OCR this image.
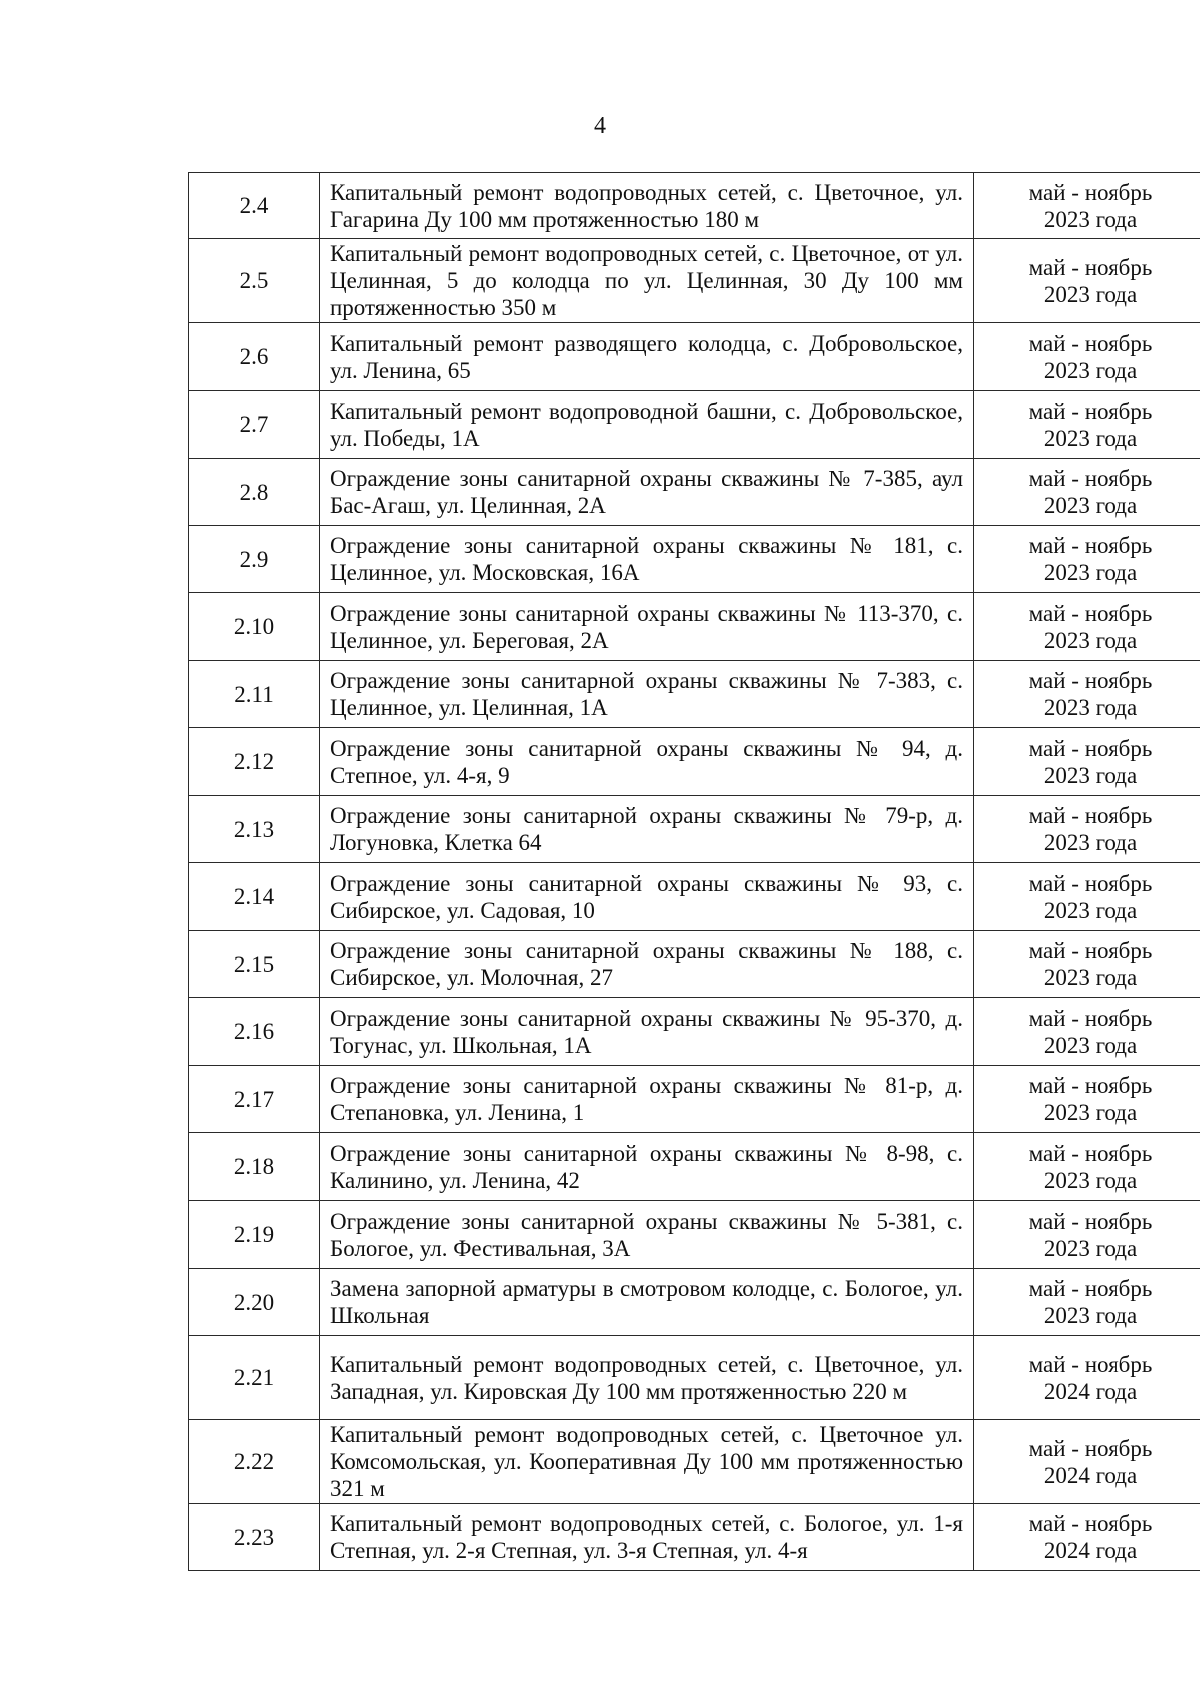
4
2.4	Капитальный ремонт водопроводных сетей, с. Цветочное, ул. Гагарина Ду 100 мм протяженностью 180 м	май - ноябрь
2023 года

2.5	Капитальный ремонт водопроводных сетей, с. Цветочное, от ул. Целинная, 5 до колодца по ул. Целинная, 30 Ду 100 мм протяженностью 350 м	май - ноябрь
2023 года

2.6	Капитальный ремонт разводящего колодца, с. Добровольское, ул. Ленина, 65	май - ноябрь
2023 года

2.7	Капитальный ремонт водопроводной башни, с. Добровольское, ул. Победы, 1А	май - ноябрь
2023 года

2.8	Ограждение зоны санитарной охраны скважины № 7-385, аул Бас-Агаш, ул. Целинная, 2А	май - ноябрь
2023 года

2.9	Ограждение зоны санитарной охраны скважины № 181, с. Целинное, ул. Московская, 16А	май - ноябрь
2023 года

2.10	Ограждение зоны санитарной охраны скважины № 113-370, с. Целинное, ул. Береговая, 2А	май - ноябрь
2023 года

2.11	Ограждение зоны санитарной охраны скважины № 7-383, с. Целинное, ул. Целинная, 1А	май - ноябрь
2023 года

2.12	Ограждение зоны санитарной охраны скважины № 94, д. Степное, ул. 4-я, 9	май - ноябрь
2023 года

2.13	Ограждение зоны санитарной охраны скважины № 79-р, д. Логуновка, Клетка 64	май - ноябрь
2023 года

2.14	Ограждение зоны санитарной охраны скважины № 93, с. Сибирское, ул. Садовая, 10	май - ноябрь
2023 года

2.15	Ограждение зоны санитарной охраны скважины № 188, с. Сибирское, ул. Молочная, 27	май - ноябрь
2023 года

2.16	Ограждение зоны санитарной охраны скважины № 95-370, д. Тогунас, ул. Школьная, 1А	май - ноябрь
2023 года

2.17	Ограждение зоны санитарной охраны скважины № 81-р, д. Степановка, ул. Ленина, 1	май - ноябрь
2023 года

2.18	Ограждение зоны санитарной охраны скважины № 8-98, с. Калинино, ул. Ленина, 42	май - ноябрь
2023 года

2.19	Ограждение зоны санитарной охраны скважины № 5-381, с. Бологое, ул. Фестивальная, 3А	май - ноябрь
2023 года

2.20	Замена запорной арматуры в смотровом колодце, с. Бологое, ул. Школьная	май - ноябрь
2023 года

2.21	Капитальный ремонт водопроводных сетей, с. Цветочное, ул. Западная, ул. Кировская Ду 100 мм протяженностью 220 м	май - ноябрь
2024 года

2.22	Капитальный ремонт водопроводных сетей, с. Цветочное ул. Комсомольская, ул. Кооперативная Ду 100 мм протяженностью 321 м	май - ноябрь
2024 года

2.23	Капитальный ремонт водопроводных сетей, с. Бологое, ул. 1-я Степная, ул. 2-я Степная, ул. 3-я Степная, ул. 4-я	май - ноябрь
2024 года
